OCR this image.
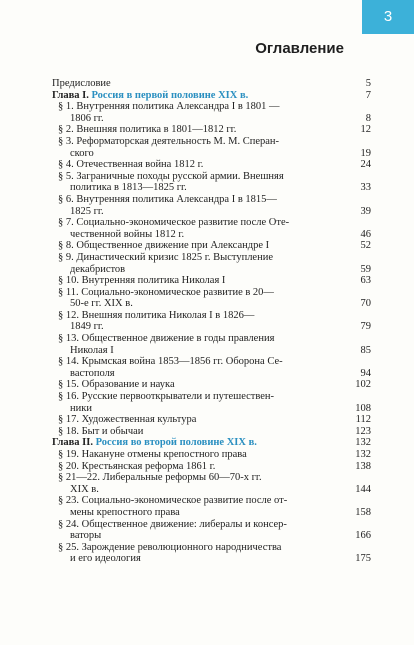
3
Оглавление
Предисловие	5
Глава I. Россия в первой половине XIX в.	7
§ 1. Внутренняя политика Александра I в 1801 —
1806 гг.	8
§ 2. Внешняя политика в 1801—1812 гг.	12
§ 3. Реформаторская деятельность М. М. Сперан-
ского	19
§ 4. Отечественная война 1812 г.	24
§ 5. Заграничные походы русской армии. Внешняя
политика в 1813—1825 гг.	33
§ 6. Внутренняя политика Александра I в 1815—
1825 гг.	39
§ 7. Социально-экономическое развитие после Оте-
чественной войны 1812 г.	46
§ 8. Общественное движение при Александре I	52
§ 9. Династический кризис 1825 г. Выступление
декабристов	59
§ 10. Внутренняя политика Николая I	63
§ 11. Социально-экономическое развитие в 20—
50-е гг. XIX в.	70
§ 12. Внешняя политика Николая I в 1826—
1849 гг.	79
§ 13. Общественное движение в годы правления
Николая I	85
§ 14. Крымская война 1853—1856 гг. Оборона Се-
вастополя	94
§ 15. Образование и наука	102
§ 16. Русские первооткрыватели и путешествен-
ники	108
§ 17. Художественная культура	112
§ 18. Быт и обычаи	123
Глава II. Россия во второй половине XIX в.	132
§ 19. Накануне отмены крепостного права	132
§ 20. Крестьянская реформа 1861 г.	138
§ 21—22. Либеральные реформы 60—70-х гг.
XIX в.	144
§ 23. Социально-экономическое развитие после от-
мены крепостного права	158
§ 24. Общественное движение: либералы и консер-
ваторы	166
§ 25. Зарождение революционного народничества
и его идеология	175
